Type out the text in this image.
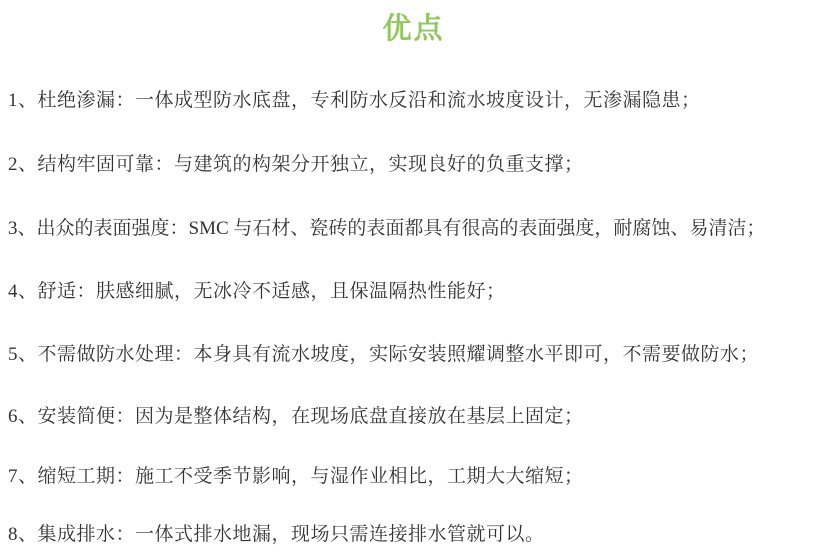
优点

1、杜绝渗漏：一体成型防水底盘，专利防水反沿和流水坡度设计，无渗漏隐患；

2、结构牢固可靠：与建筑的构架分开独立，实现良好的负重支撑；

3、出众的表面强度：SMC 与石材、瓷砖的表面都具有很高的表面强度，耐腐蚀、易清洁；

4、舒适：肤感细腻，无冰冷不适感，且保温隔热性能好；

5、不需做防水处理：本身具有流水坡度，实际安装照耀调整水平即可，不需要做防水；

6、安装简便：因为是整体结构，在现场底盘直接放在基层上固定；

7、缩短工期：施工不受季节影响，与湿作业相比，工期大大缩短；

8、集成排水：一体式排水地漏，现场只需连接排水管就可以。
